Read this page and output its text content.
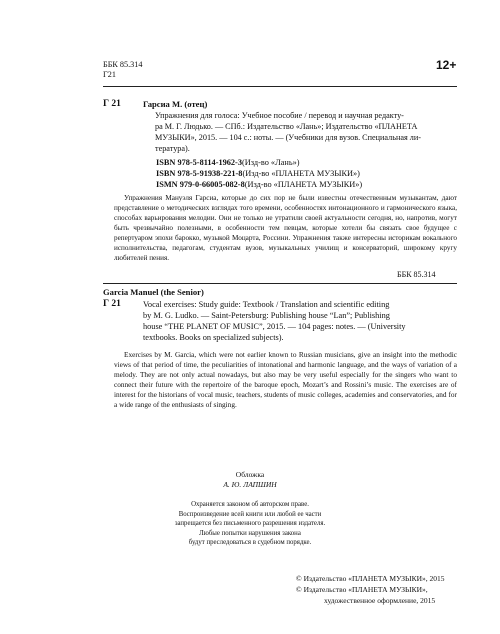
ББК 85.314
Г21
12+
Г 21	Гарсиа М. (отец)
Упражнения для голоса: Учебное пособие / перевод и научная редакту-
ра М. Г. Людько. — СПб.: Издательство «Лань»; Издательство «ПЛАНЕТА
МУЗЫКИ», 2015. — 104 с.: ноты. — (Учебники для вузов. Специальная ли-
тература).
ISBN 978-5-8114-1962-3(Изд-во «Лань»)
ISBN 978-5-91938-221-8(Изд-во «ПЛАНЕТА МУЗЫКИ»)
ISMN 979-0-66005-082-8(Изд-во «ПЛАНЕТА МУЗЫКИ»)

Упражнения Мануэля Гарсиа, которые до сих пор не были известны отечественным музыкантам, дают представление о методических взглядах того времени, особенностях интонационного и гармонического языка, способах варьирования мелодии. Они не только не утратили своей актуальности сегодня, но, напротив, могут быть чрезвычайно полезными, в особенности тем певцам, которые хотели бы связать свое будущее с репертуаром эпохи барокко, музыкой Моцарта, Россини. Упражнения также интересны историкам вокального исполнительства, педагогам, студентам вузов, музыкальных училищ и консерваторий, широкому кругу любителей пения.

ББК 85.314
Garcia Manuel (the Senior)
Г 21	Vocal exercises: Study guide: Textbook / Translation and scientific editing
by M. G. Ludko. — Saint-Petersburg: Publishing house “Lan”; Publishing
house “THE PLANET OF MUSIC”, 2015. — 104 pages: notes. — (University
textbooks. Books on specialized subjects).

Exercises by M. Garcia, which were not earlier known to Russian musicians, give an insight into the methodic views of that period of time, the peculiarities of intonational and harmonic language, and the ways of variation of a melody. They are not only actual nowadays, but also may be very useful especially for the singers who want to connect their future with the repertoire of the baroque epoch, Mozart’s and Rossini’s music. The exercises are of interest for the historians of vocal music, teachers, students of music colleges, academies and conservatories, and for a wide range of the enthusiasts of singing.

Обложка
А. Ю. ЛАПШИН
Охраняется законом об авторском праве.
Воспроизведение всей книги или любой ее части
запрещается без письменного разрешения издателя.
Любые попытки нарушения закона
будут преследоваться в судебном порядке.
© Издательство «ПЛАНЕТА МУЗЫКИ», 2015
© Издательство «ПЛАНЕТА МУЗЫКИ»,
художественное оформление, 2015
